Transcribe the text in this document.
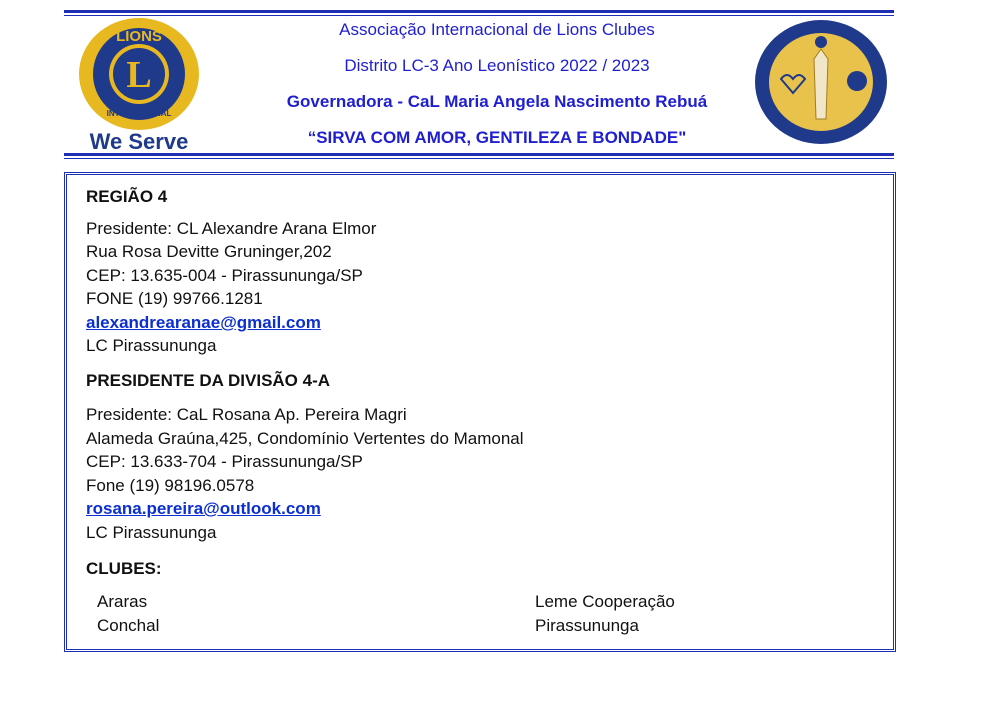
L
LIONS
INTERNATIONAL
We Serve
Associação Internacional de Lions Clubes
Distrito LC-3 Ano Leonístico 2022 / 2023
Governadora - CaL Maria Angela Nascimento Rebuá
“SIRVA COM AMOR, GENTILEZA E BONDADE"
REGIÃO 4
Presidente: CL Alexandre Arana Elmor
Rua Rosa Devitte Gruninger,202
CEP: 13.635-004 - Pirassununga/SP
FONE (19) 99766.1281
alexandrearanae@gmail.com
LC Pirassununga
PRESIDENTE DA DIVISÃO 4-A
Presidente: CaL Rosana Ap. Pereira Magri
Alameda Graúna,425, Condomínio Vertentes do Mamonal
CEP: 13.633-704 - Pirassununga/SP
Fone (19) 98196.0578
rosana.pereira@outlook.com
LC Pirassununga
CLUBES:
Araras
Conchal
Leme Cooperação
Pirassununga
